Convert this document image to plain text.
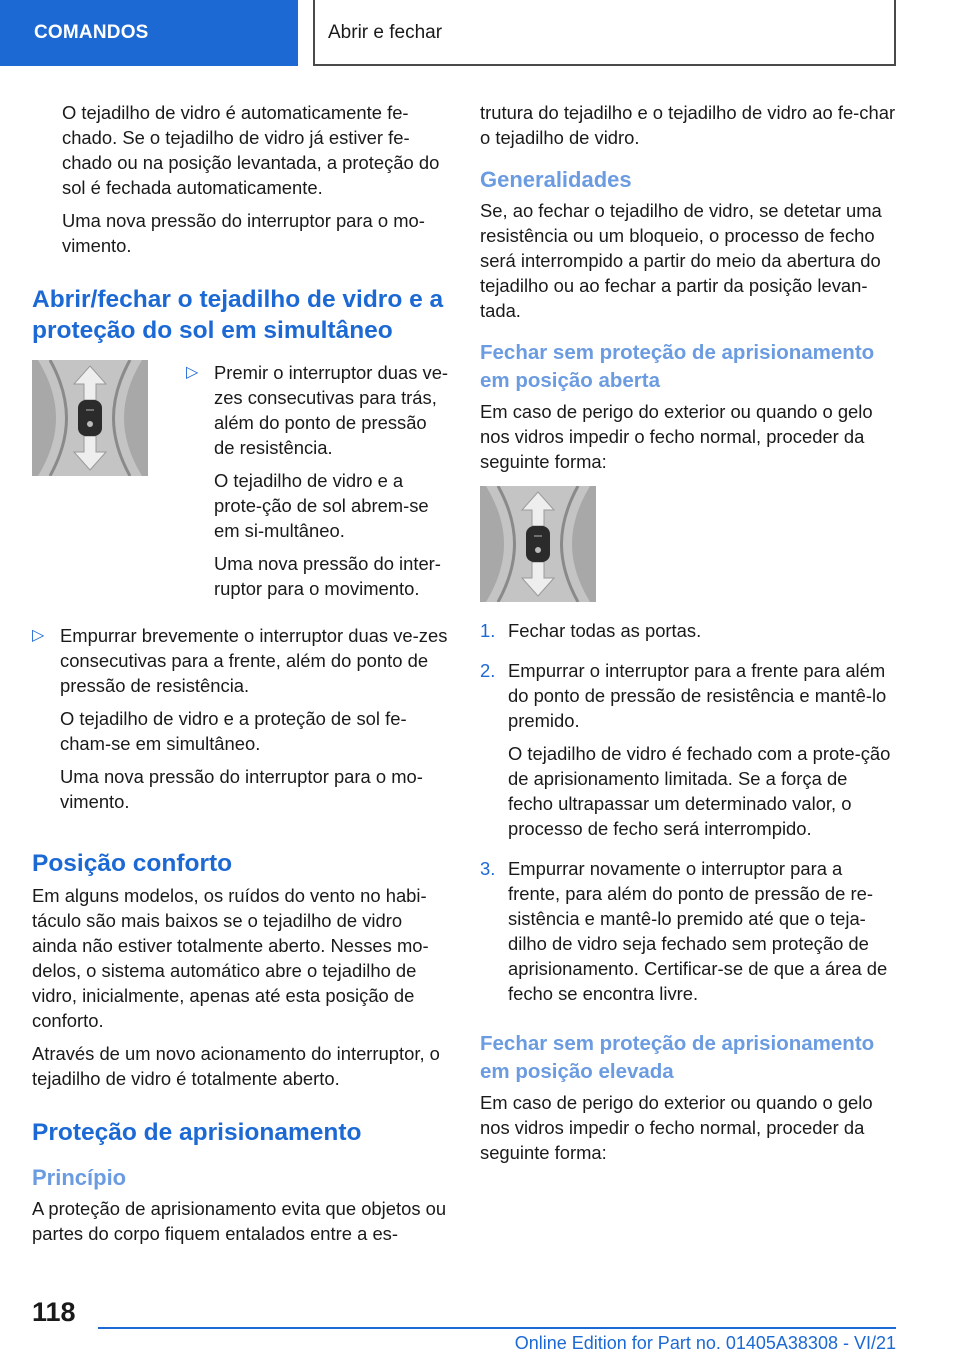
COMANDOS	Abrir e fechar

O tejadilho de vidro é automaticamente fe-chado. Se o tejadilho de vidro já estiver fe-chado ou na posição levantada, a proteção do sol é fechada automaticamente.

Uma nova pressão do interruptor para o mo-vimento.

Abrir/fechar o tejadilho de vidro e a proteção do sol em simultâneo
▷ Premir o interruptor duas ve-zes consecutivas para trás, além do ponto de pressão de resistência.

O tejadilho de vidro e a prote-ção de sol abrem-se em si-multâneo.

Uma nova pressão do inter-ruptor para o movimento.

▷ Empurrar brevemente o interruptor duas ve-zes consecutivas para a frente, além do ponto de pressão de resistência.

O tejadilho de vidro e a proteção de sol fe-cham-se em simultâneo.

Uma nova pressão do interruptor para o mo-vimento.

Posição conforto

Em alguns modelos, os ruídos do vento no habi-táculo são mais baixos se o tejadilho de vidro ainda não estiver totalmente aberto. Nesses mo-delos, o sistema automático abre o tejadilho de vidro, inicialmente, apenas até esta posição de conforto.

Através de um novo acionamento do interruptor, o tejadilho de vidro é totalmente aberto.

Proteção de aprisionamento
Princípio

A proteção de aprisionamento evita que objetos ou partes do corpo fiquem entalados entre a es-

trutura do tejadilho e o tejadilho de vidro ao fe-char o tejadilho de vidro.

Generalidades

Se, ao fechar o tejadilho de vidro, se detetar uma resistência ou um bloqueio, o processo de fecho será interrompido a partir do meio da abertura do tejadilho ou ao fechar a partir da posição levan-tada.

Fechar sem proteção de aprisionamento em posição aberta

Em caso de perigo do exterior ou quando o gelo nos vidros impedir o fecho normal, proceder da seguinte forma:

1. Fechar todas as portas.

2. Empurrar o interruptor para a frente para além do ponto de pressão de resistência e mantê-lo premido.

O tejadilho de vidro é fechado com a prote-ção de aprisionamento limitada. Se a força de fecho ultrapassar um determinado valor, o processo de fecho será interrompido.

3. Empurrar novamente o interruptor para a frente, para além do ponto de pressão de re-sistência e mantê-lo premido até que o teja-dilho de vidro seja fechado sem proteção de aprisionamento. Certificar-se de que a área de fecho se encontra livre.

Fechar sem proteção de aprisionamento em posição elevada

Em caso de perigo do exterior ou quando o gelo nos vidros impedir o fecho normal, proceder da seguinte forma:

118
Online Edition for Part no. 01405A38308 - VI/21
